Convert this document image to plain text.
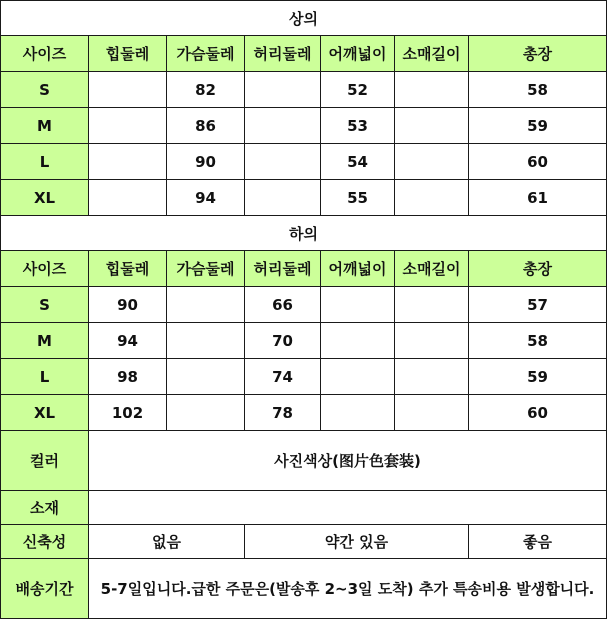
상의						
사이즈	힙둘레	가슴둘레	허리둘레	어깨넓이	소매길이	총장
S		82		52		58
M		86		53		59
L		90		54		60
XL		94		55		61
하의						
사이즈	힙둘레	가슴둘레	허리둘레	어깨넓이	소매길이	총장
S	90		66			57
M	94		70			58
L	98		74			59
XL	102		78			60
컬러	사진색상(图片色套装)					
소재						
신축성	없음		약간 있음			좋음
배송기간	5-7일입니다.급한 주문은(발송후 2~3일 도착) 추가 특송비용 발생합니다.					
